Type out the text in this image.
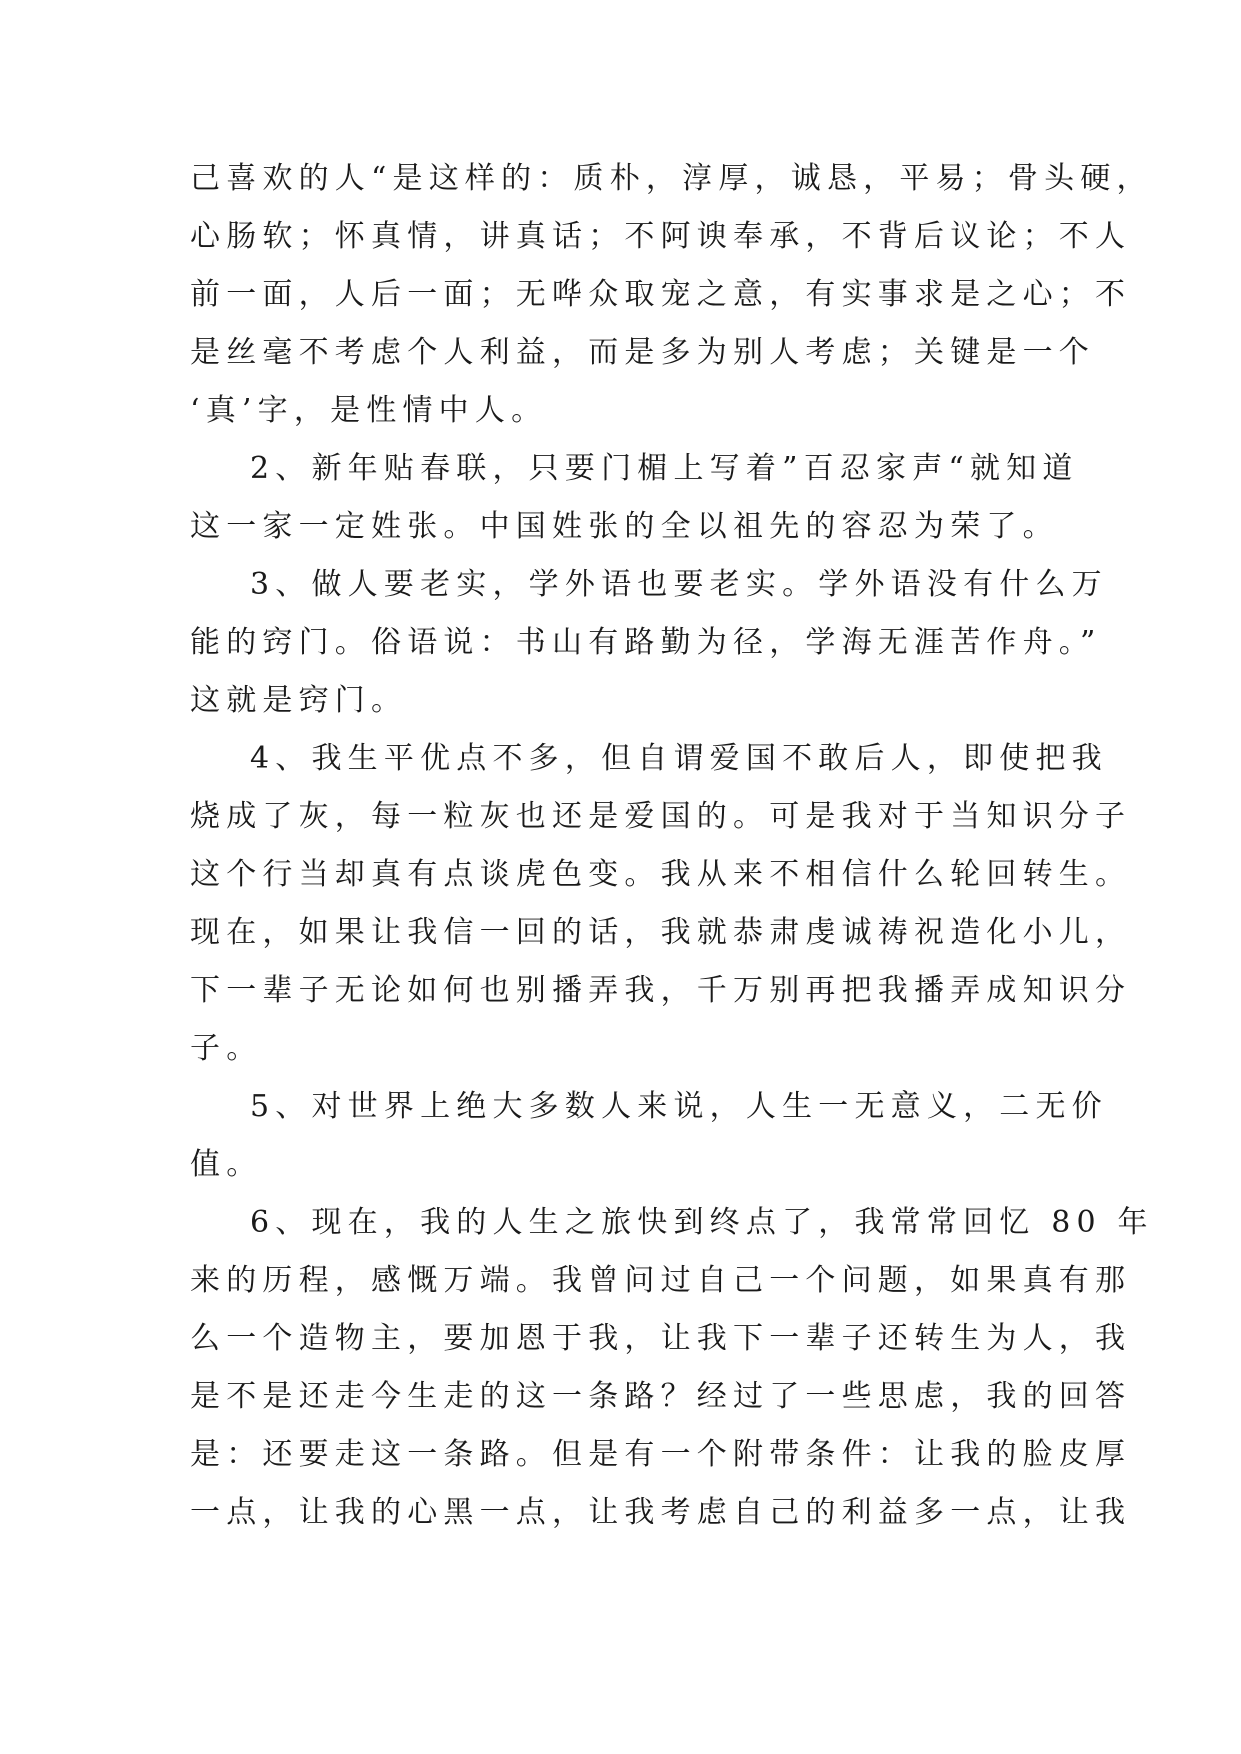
己喜欢的人“是这样的：质朴，淳厚，诚恳，平易；骨头硬，
心肠软；怀真情，讲真话；不阿谀奉承，不背后议论；不人
前一面，人后一面；无哗众取宠之意，有实事求是之心；不
是丝毫不考虑个人利益，而是多为别人考虑；关键是一个
‘真’字，是性情中人。
2、新年贴春联，只要门楣上写着”百忍家声“就知道
这一家一定姓张。中国姓张的全以祖先的容忍为荣了。
3、做人要老实，学外语也要老实。学外语没有什么万
能的窍门。俗语说：书山有路勤为径，学海无涯苦作舟。”
这就是窍门。
4、我生平优点不多，但自谓爱国不敢后人，即使把我
烧成了灰，每一粒灰也还是爱国的。可是我对于当知识分子
这个行当却真有点谈虎色变。我从来不相信什么轮回转生。
现在，如果让我信一回的话，我就恭肃虔诚祷祝造化小儿，
下一辈子无论如何也别播弄我，千万别再把我播弄成知识分
子。
5、对世界上绝大多数人来说，人生一无意义，二无价
值。
6、现在，我的人生之旅快到终点了，我常常回忆 80 年
来的历程，感慨万端。我曾问过自己一个问题，如果真有那
么一个造物主，要加恩于我，让我下一辈子还转生为人，我
是不是还走今生走的这一条路？经过了一些思虑，我的回答
是：还要走这一条路。但是有一个附带条件：让我的脸皮厚
一点，让我的心黑一点，让我考虑自己的利益多一点，让我
